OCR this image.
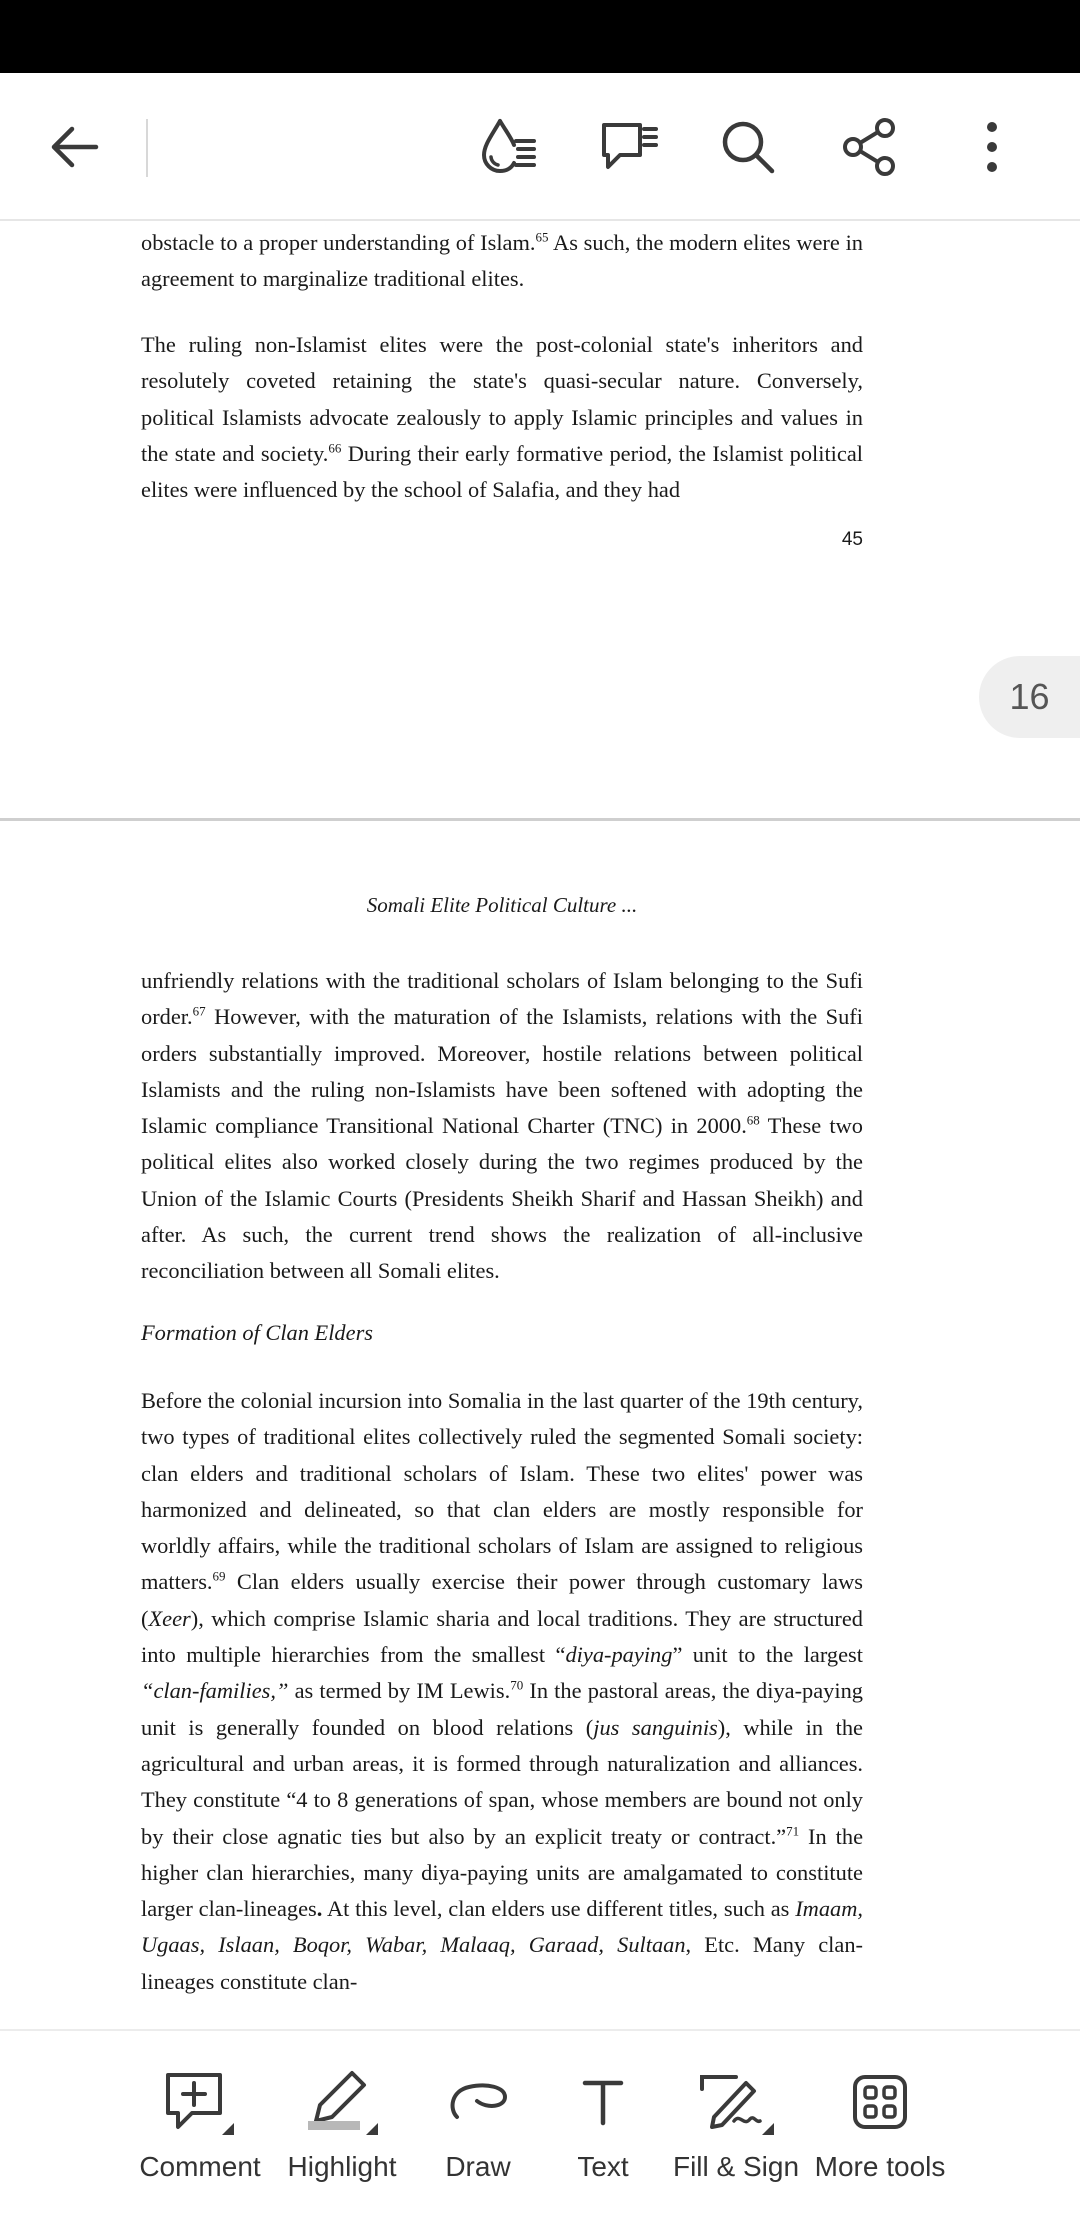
obstacle to a proper understanding of Islam.$^{65}$ As such, the modern elites were in agreement to marginalize traditional elites.

The ruling non-Islamist elites were the post-colonial state's inheritors and resolutely coveted retaining the state's quasi-secular nature. Conversely, political Islamists advocate zealously to apply Islamic principles and values in the state and society.$^{66}$ During their early formative period, the Islamist political elites were influenced by the school of Salafia, and they had

45
Somali Elite Political Culture ...

unfriendly relations with the traditional scholars of Islam belonging to the Sufi order.$^{67}$ However, with the maturation of the Islamists, relations with the Sufi orders substantially improved. Moreover, hostile relations between political Islamists and the ruling non-Islamists have been softened with adopting the Islamic compliance Transitional National Charter (TNC) in 2000.68 These two political elites also worked closely during the two regimes produced by the Union of the Islamic Courts (Presidents Sheikh Sharif and Hassan Sheikh) and after. As such, the current trend shows the realization of all-inclusive reconciliation between all Somali elites.

Formation of Clan Elders

Before the colonial incursion into Somalia in the last quarter of the 19th century, two types of traditional elites collectively ruled the segmented Somali society: clan elders and traditional scholars of Islam. These two elites' power was harmonized and delineated, so that clan elders are mostly responsible for worldly affairs, while the traditional scholars of Islam are assigned to religious matters.$^{69}$ Clan elders usually exercise their power through customary laws (Xeer), which comprise Islamic sharia and local traditions. They are structured into multiple hierarchies from the smallest “diya-paying” unit to the largest “clan-families,” as termed by IM Lewis.$^{70}$ In the pastoral areas, the diya-paying unit is generally founded on blood relations (jus sanguinis), while in the agricultural and urban areas, it is formed through naturalization and alliances. They constitute “4 to 8 generations of span, whose members are bound not only by their close agnatic ties but also by an explicit treaty or contract.”$^{71}$ In the higher clan hierarchies, many diya-paying units are amalgamated to constitute larger clan-lineages. At this level, clan elders use different titles, such as Imaam, Ugaas, Islaan, Boqor, Wabar, Malaaq, Garaad, Sultaan, Etc. Many clan-lineages constitute clan-

16
Comment Highlight Draw Text Fill & Sign More tools
